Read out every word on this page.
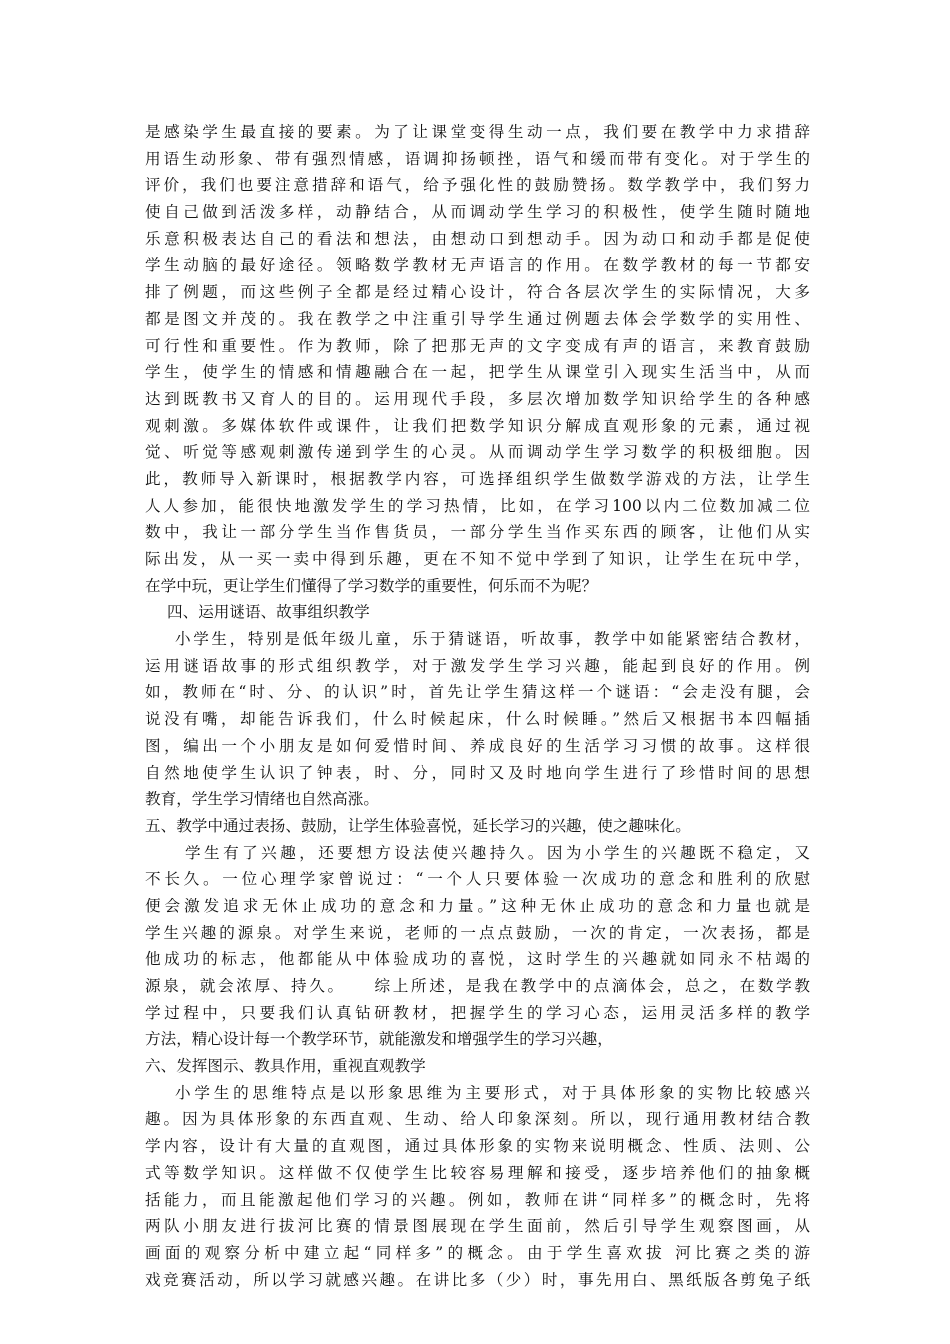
是感染学生最直接的要素。为了让课堂变得生动一点，我们要在教学中力求措辞
用语生动形象、带有强烈情感，语调抑扬顿挫，语气和缓而带有变化。对于学生的
评价，我们也要注意措辞和语气，给予强化性的鼓励赞扬。数学教学中，我们努力
使自己做到活泼多样，动静结合，从而调动学生学习的积极性，使学生随时随地
乐意积极表达自己的看法和想法，由想动口到想动手。因为动口和动手都是促使
学生动脑的最好途径。领略数学教材无声语言的作用。在数学教材的每一节都安
排了例题，而这些例子全都是经过精心设计，符合各层次学生的实际情况，大多
都是图文并茂的。我在教学之中注重引导学生通过例题去体会学数学的实用性、
可行性和重要性。作为教师，除了把那无声的文字变成有声的语言，来教育鼓励
学生，使学生的情感和情趣融合在一起，把学生从课堂引入现实生活当中，从而
达到既教书又育人的目的。运用现代手段，多层次增加数学知识给学生的各种感
观刺激。多媒体软件或课件，让我们把数学知识分解成直观形象的元素，通过视
觉、听觉等感观刺激传递到学生的心灵。从而调动学生学习数学的积极细胞。因
此，教师导入新课时，根据教学内容，可选择组织学生做数学游戏的方法，让学生
人人参加，能很快地激发学生的学习热情，比如，在学习100以内二位数加减二位
数中，我让一部分学生当作售货员，一部分学生当作买东西的顾客，让他们从实
际出发，从一买一卖中得到乐趣，更在不知不觉中学到了知识，让学生在玩中学，
在学中玩，更让学生们懂得了学习数学的重要性，何乐而不为呢？
四、运用谜语、故事组织教学
小学生，特别是低年级儿童，乐于猜谜语，听故事，教学中如能紧密结合教材，
运用谜语故事的形式组织教学，对于激发学生学习兴趣，能起到良好的作用。例
如，教师在“时、分、的认识”时，首先让学生猜这样一个谜语：“会走没有腿，会
说没有嘴，却能告诉我们，什么时候起床，什么时候睡。”然后又根据书本四幅插
图，编出一个小朋友是如何爱惜时间、养成良好的生活学习习惯的故事。这样很
自然地使学生认识了钟表，时、分，同时又及时地向学生进行了珍惜时间的思想
教育，学生学习情绪也自然高涨。
五、教学中通过表扬、鼓励，让学生体验喜悦，延长学习的兴趣，使之趣味化。
学生有了兴趣，还要想方设法使兴趣持久。因为小学生的兴趣既不稳定，又
不长久。一位心理学家曾说过：“一个人只要体验一次成功的意念和胜利的欣慰
便会激发追求无休止成功的意念和力量。”这种无休止成功的意念和力量也就是
学生兴趣的源泉。对学生来说，老师的一点点鼓励，一次的肯定，一次表扬，都是
他成功的标志，他都能从中体验成功的喜悦，这时学生的兴趣就如同永不枯竭的
源泉，就会浓厚、持久。　　综上所述，是我在教学中的点滴体会，总之，在数学教
学过程中，只要我们认真钻研教材，把握学生的学习心态，运用灵活多样的教学
方法，精心设计每一个教学环节，就能激发和增强学生的学习兴趣，
六、发挥图示、教具作用，重视直观教学
小学生的思维特点是以形象思维为主要形式，对于具体形象的实物比较感兴
趣。因为具体形象的东西直观、生动、给人印象深刻。所以，现行通用教材结合教
学内容，设计有大量的直观图，通过具体形象的实物来说明概念、性质、法则、公
式等数学知识。这样做不仅使学生比较容易理解和接受，逐步培养他们的抽象概
括能力，而且能激起他们学习的兴趣。例如，教师在讲“同样多”的概念时，先将
两队小朋友进行拔河比赛的情景图展现在学生面前，然后引导学生观察图画，从
画面的观察分析中建立起“同样多”的概念。由于学生喜欢拔 河比赛之类的游
戏竞赛活动，所以学习就感兴趣。在讲比多（少）时，事先用白、黑纸版各剪兔子纸
